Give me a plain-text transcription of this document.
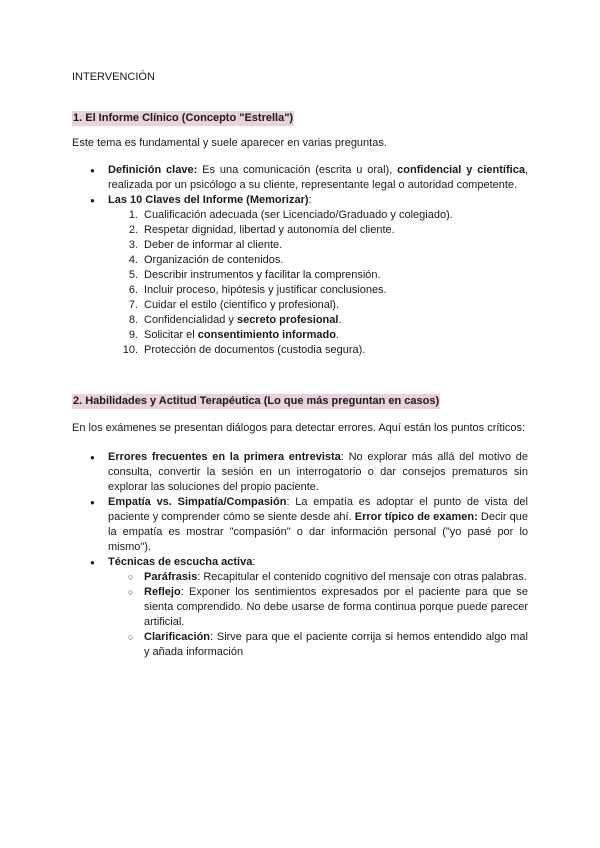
INTERVENCIÓN
1. El Informe Clínico (Concepto "Estrella")

Este tema es fundamental y suele aparecer en varias preguntas.

● Definición clave: Es una comunicación (escrita u oral), confidencial y científica, realizada por un psicólogo a su cliente, representante legal o autoridad competente.
● Las 10 Claves del Informe (Memorizar):
1. Cualificación adecuada (ser Licenciado/Graduado y colegiado).
2. Respetar dignidad, libertad y autonomía del cliente.
3. Deber de informar al cliente.
4. Organización de contenidos.
5. Describir instrumentos y facilitar la comprensión.
6. Incluir proceso, hipótesis y justificar conclusiones.
7. Cuidar el estilo (científico y profesional).
8. Confidencialidad y secreto profesional.
9. Solicitar el consentimiento informado.
10. Protección de documentos (custodia segura).
2. Habilidades y Actitud Terapéutica (Lo que más preguntan en casos)

En los exámenes se presentan diálogos para detectar errores. Aquí están los puntos críticos:

● Errores frecuentes en la primera entrevista: No explorar más allá del motivo de consulta, convertir la sesión en un interrogatorio o dar consejos prematuros sin explorar las soluciones del propio paciente.
● Empatía vs. Simpatía/Compasión: La empatía es adoptar el punto de vista del paciente y comprender cómo se siente desde ahí. Error típico de examen: Decir que la empatía es mostrar "compasión" o dar información personal ("yo pasé por lo mismo").
● Técnicas de escucha activa:
○ Paráfrasis: Recapitular el contenido cognitivo del mensaje con otras palabras.
○ Reflejo: Exponer los sentimientos expresados por el paciente para que se sienta comprendido. No debe usarse de forma continua porque puede parecer artificial.
○ Clarificación: Sirve para que el paciente corrija si hemos entendido algo mal y añada información
